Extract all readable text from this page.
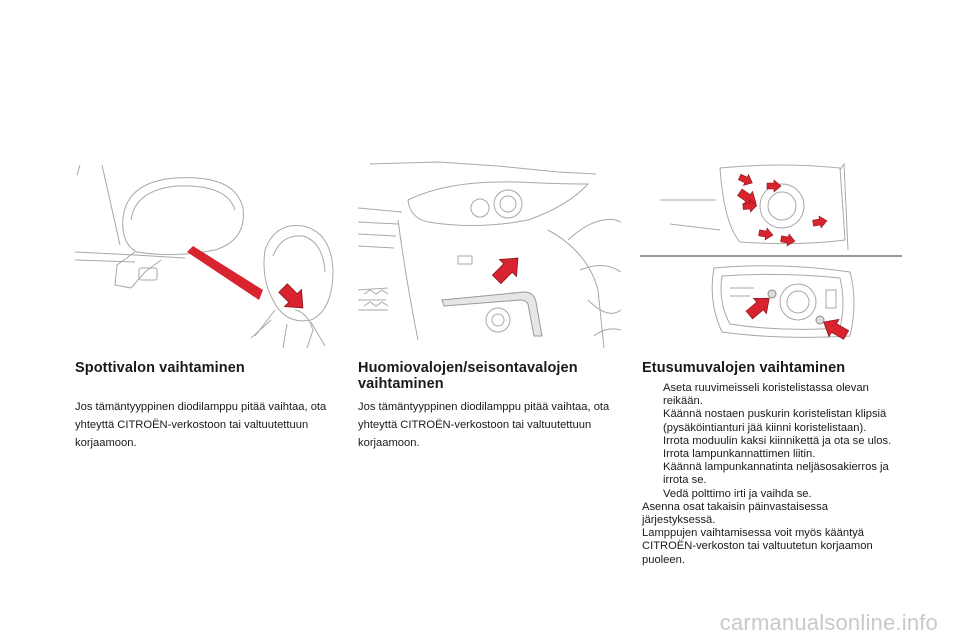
Spottivalon vaihtaminen

Jos tämäntyyppinen diodilamppu pitää vaihtaa, ota yhteyttä CITROËN-verkostoon tai valtuutettuun korjaamoon.

Huomiovalojen/seisontavalojen vaihtaminen

Jos tämäntyyppinen diodilamppu pitää vaihtaa, ota yhteyttä CITROËN-verkostoon tai valtuutettuun korjaamoon.

Etusumuvalojen vaihtaminen
Aseta ruuvimeisseli koristelistassa olevan reikään.
Käännä nostaen puskurin koristelistan klipsiä (pysäköintianturi jää kiinni koristelistaan).
Irrota moduulin kaksi kiinnikettä ja ota se ulos.
Irrota lampunkannattimen liitin.
Käännä lampunkannatinta neljäsosakierros ja irrota se.
Vedä polttimo irti ja vaihda se.

Asenna osat takaisin päinvastaisessa järjestyksessä.

Lamppujen vaihtamisessa voit myös kääntyä CITROËN-verkoston tai valtuutetun korjaamon puoleen.

carmanualsonline.info
